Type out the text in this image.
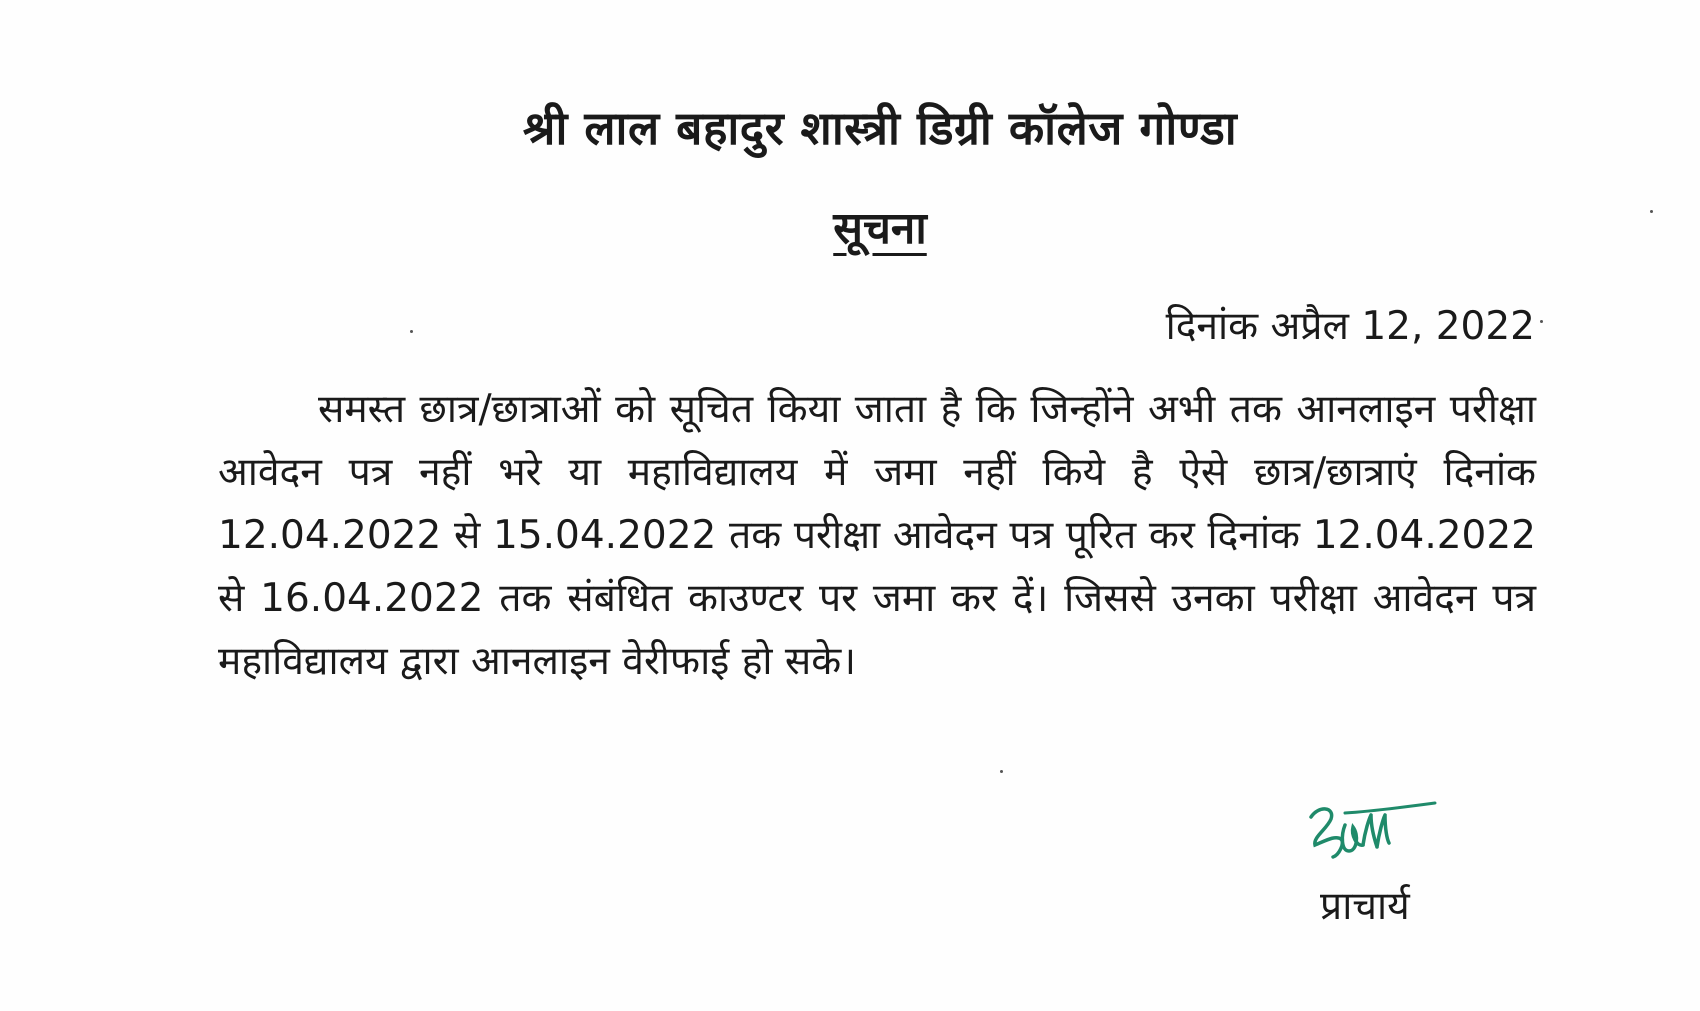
श्री लाल बहादुर शास्त्री डिग्री कॉलेज गोण्डा
सूचना
दिनांक अप्रैल 12, 2022
समस्त छात्र/छात्राओं को सूचित किया जाता है कि जिन्होंने अभी तक आनलाइन परीक्षा आवेदन पत्र नहीं भरे या महाविद्यालय में जमा नहीं किये है ऐसे छात्र/छात्राएं दिनांक 12.04.2022 से 15.04.2022 तक परीक्षा आवेदन पत्र पूरित कर दिनांक 12.04.2022 से 16.04.2022 तक संबंधित काउण्टर पर जमा कर दें। जिससे उनका परीक्षा आवेदन पत्र महाविद्यालय द्वारा आनलाइन वेरीफाई हो सके।
प्राचार्य
